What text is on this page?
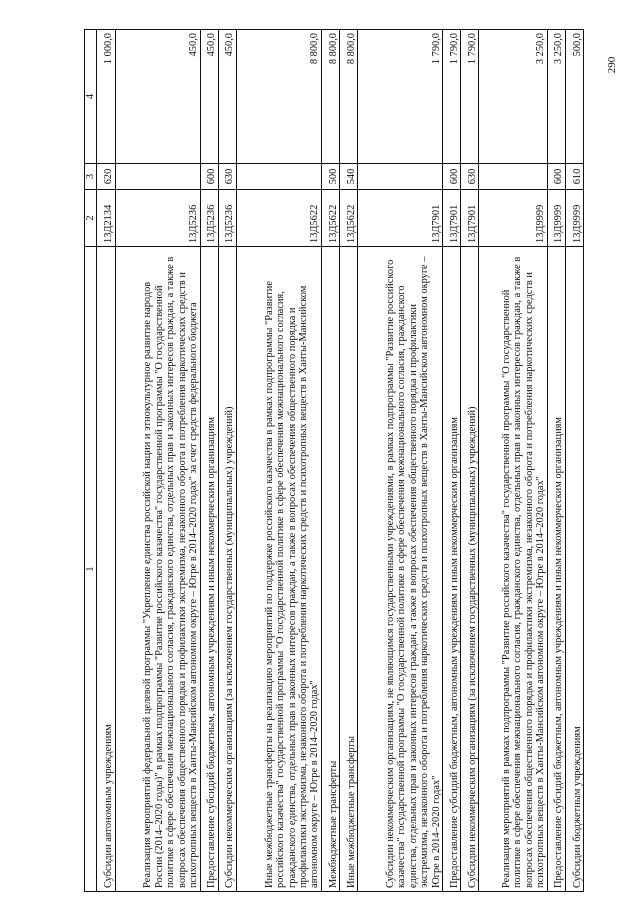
290
1	2	3	4
Субсидии автономным учреждениям	13Д2134	620	1 000,0
Реализация мероприятий федеральной целевой программы "Укрепление единства российской нации и этнокультурное развитие народов России (2014–2020 годы)" в рамках подпрограммы "Развитие российского казачества" государственной программы "О государственной политике в сфере обеспечения межнационального согласия, гражданского единства, отдельных прав и законных интересов граждан, а также в вопросах обеспечения общественного порядка и профилактики экстремизма, незаконного оборота и потребления наркотических средств и психотропных веществ в Ханты-Мансийском автономном округе – Югре в 2014–2020 годах" за счет средств федерального бюджета	13Д5236		450,0
Предоставление субсидий бюджетным, автономным учреждениям и иным некоммерческим организациям	13Д5236	600	450,0
Субсидии некоммерческим организациям (за исключением государственных (муниципальных) учреждений)	13Д5236	630	450,0
Иные межбюджетные трансферты на реализацию мероприятий по поддержке российского казачества в рамках подпрограммы "Развитие российского казачества" государственной программы "О государственной политике в сфере обеспечения межнационального согласия, гражданского единства, отдельных прав и законных интересов граждан, а также в вопросах обеспечения общественного порядка и профилактики экстремизма, незаконного оборота и потребления наркотических средств и психотропных веществ в Ханты-Мансийском автономном округе – Югре в 2014–2020 годах"	13Д5622		8 800,0
Межбюджетные трансферты	13Д5622	500	8 800,0
Иные межбюджетные трансферты	13Д5622	540	8 800,0
Субсидии некоммерческим организациям, не являющимся государственными учреждениями, в рамках подпрограммы "Развитие российского казачества" государственной программы "О государственной политике в сфере обеспечения межнационального согласия, гражданского единства, отдельных прав и законных интересов граждан, а также в вопросах обеспечения общественного порядка и профилактики экстремизма, незаконного оборота и потребления наркотических средств и психотропных веществ в Ханты-Мансийском автономном округе – Югре в 2014–2020 годах"	13Д7901		1 790,0
Предоставление субсидий бюджетным, автономным учреждениям и иным некоммерческим организациям	13Д7901	600	1 790,0
Субсидии некоммерческим организациям (за исключением государственных (муниципальных) учреждений)	13Д7901	630	1 790,0
Реализация мероприятий в рамках подпрограммы "Развитие российского казачества" государственной программы "О государственной политике в сфере обеспечения межнационального согласия, гражданского единства, отдельных прав и законных интересов граждан, а также в вопросах обеспечения общественного порядка и профилактики экстремизма, незаконного оборота и потребления наркотических средств и психотропных веществ в Ханты-Мансийском автономном округе – Югре в 2014–2020 годах"	13Д9999		3 250,0
Предоставление субсидий бюджетным, автономным учреждениям и иным некоммерческим организациям	13Д9999	600	3 250,0
Субсидии бюджетным учреждениям	13Д9999	610	500,0
